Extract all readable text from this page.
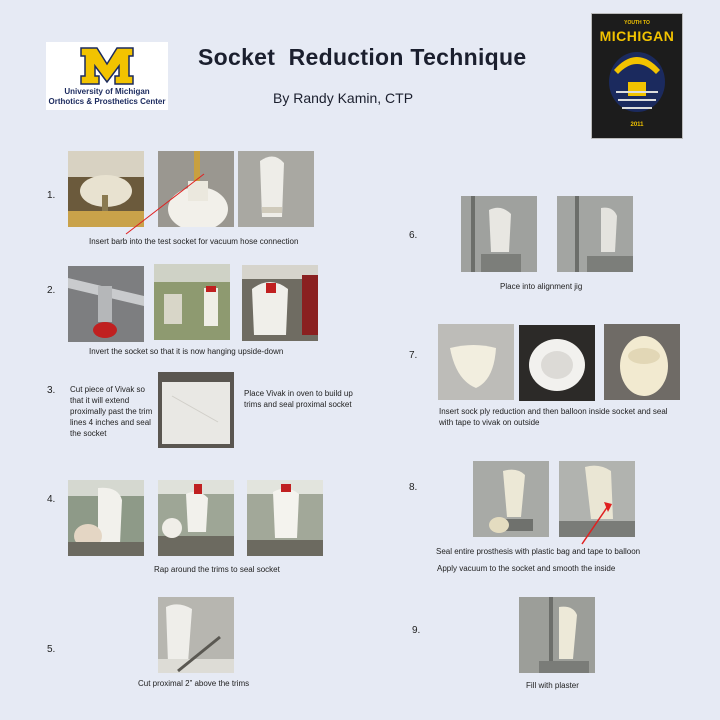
University of Michigan
Orthotics & Prosthetics Center
Socket  Reduction Technique
By Randy Kamin, CTP
YOUTH TO
MICHIGAN
2011
1.
Insert barb into the test socket for vacuum hose connection
2.
Invert the socket so that it is now hanging upside-down
3. Cut piece of Vivak so that it will extend proximally past the trim lines 4 inches and seal the socket
Place Vivak in oven to build up trims and seal proximal socket
4.
Rap around the trims to seal socket
5.
Cut proximal 2” above the trims
6.
Place into alignment jig
7.
Insert sock ply reduction and then balloon inside socket and seal with tape to vivak on outside
8.
Seal entire prosthesis with plastic bag and tape to balloon
Apply vacuum to the socket and smooth the inside
9.
Fill with plaster
